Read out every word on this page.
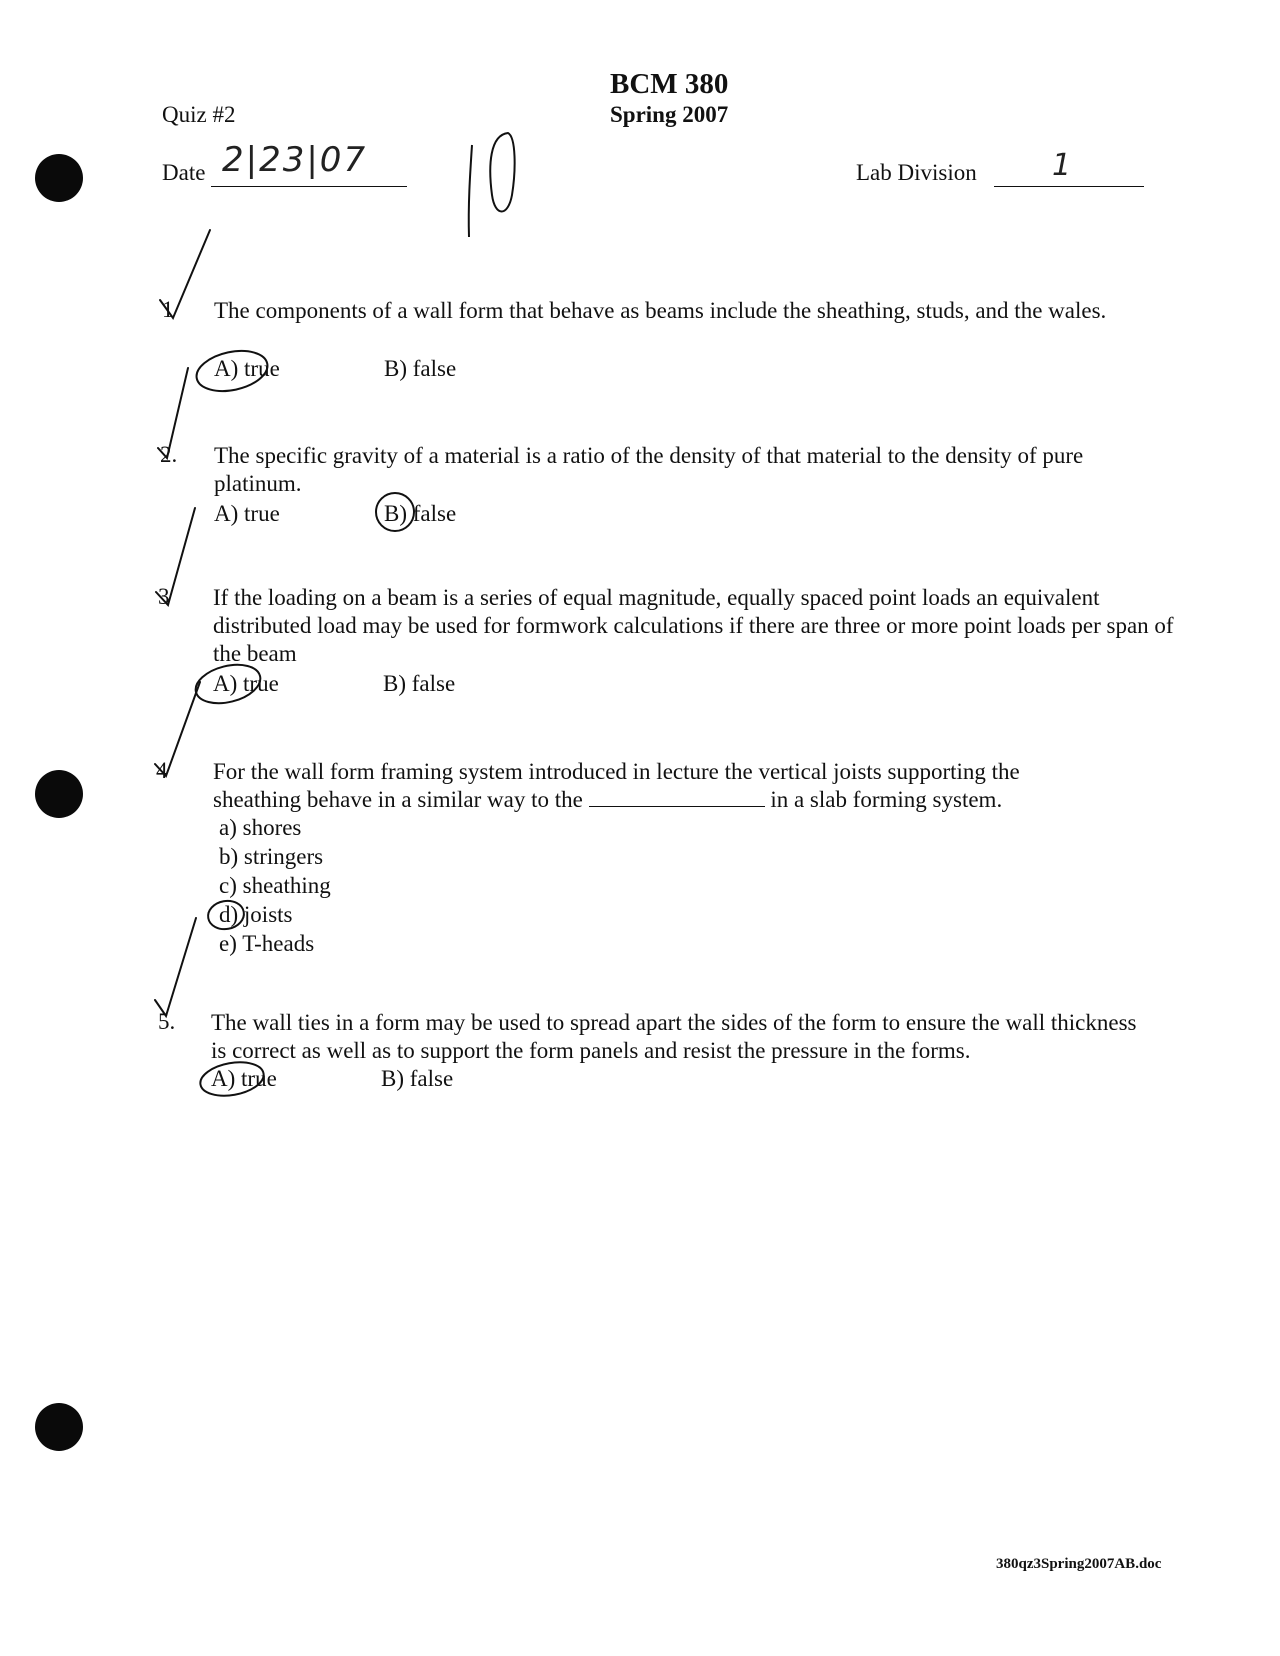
BCM 380
Spring 2007
Quiz #2
Date 2|23|07
10
Lab Division	1
1 The components of a wall form that behave as beams include the sheathing, studs, and the wales.
A) true	B) false
2. The specific gravity of a material is a ratio of the density of that material to the density of pure platinum.
A) true	B) false
3 If the loading on a beam is a series of equal magnitude, equally spaced point loads an equivalent distributed load may be used for formwork calculations if there are three or more point loads per span of the beam
A) true	B) false
4 For the wall form framing system introduced in lecture the vertical joists supporting the sheathing behave in a similar way to the	in a slab forming system.
a) shores
b) stringers
c) sheathing
d) joists
e) T-heads
5. The wall ties in a form may be used to spread apart the sides of the form to ensure the wall thickness is correct as well as to support the form panels and resist the pressure in the forms.
A) true	B) false
380qz3Spring2007AB.doc
